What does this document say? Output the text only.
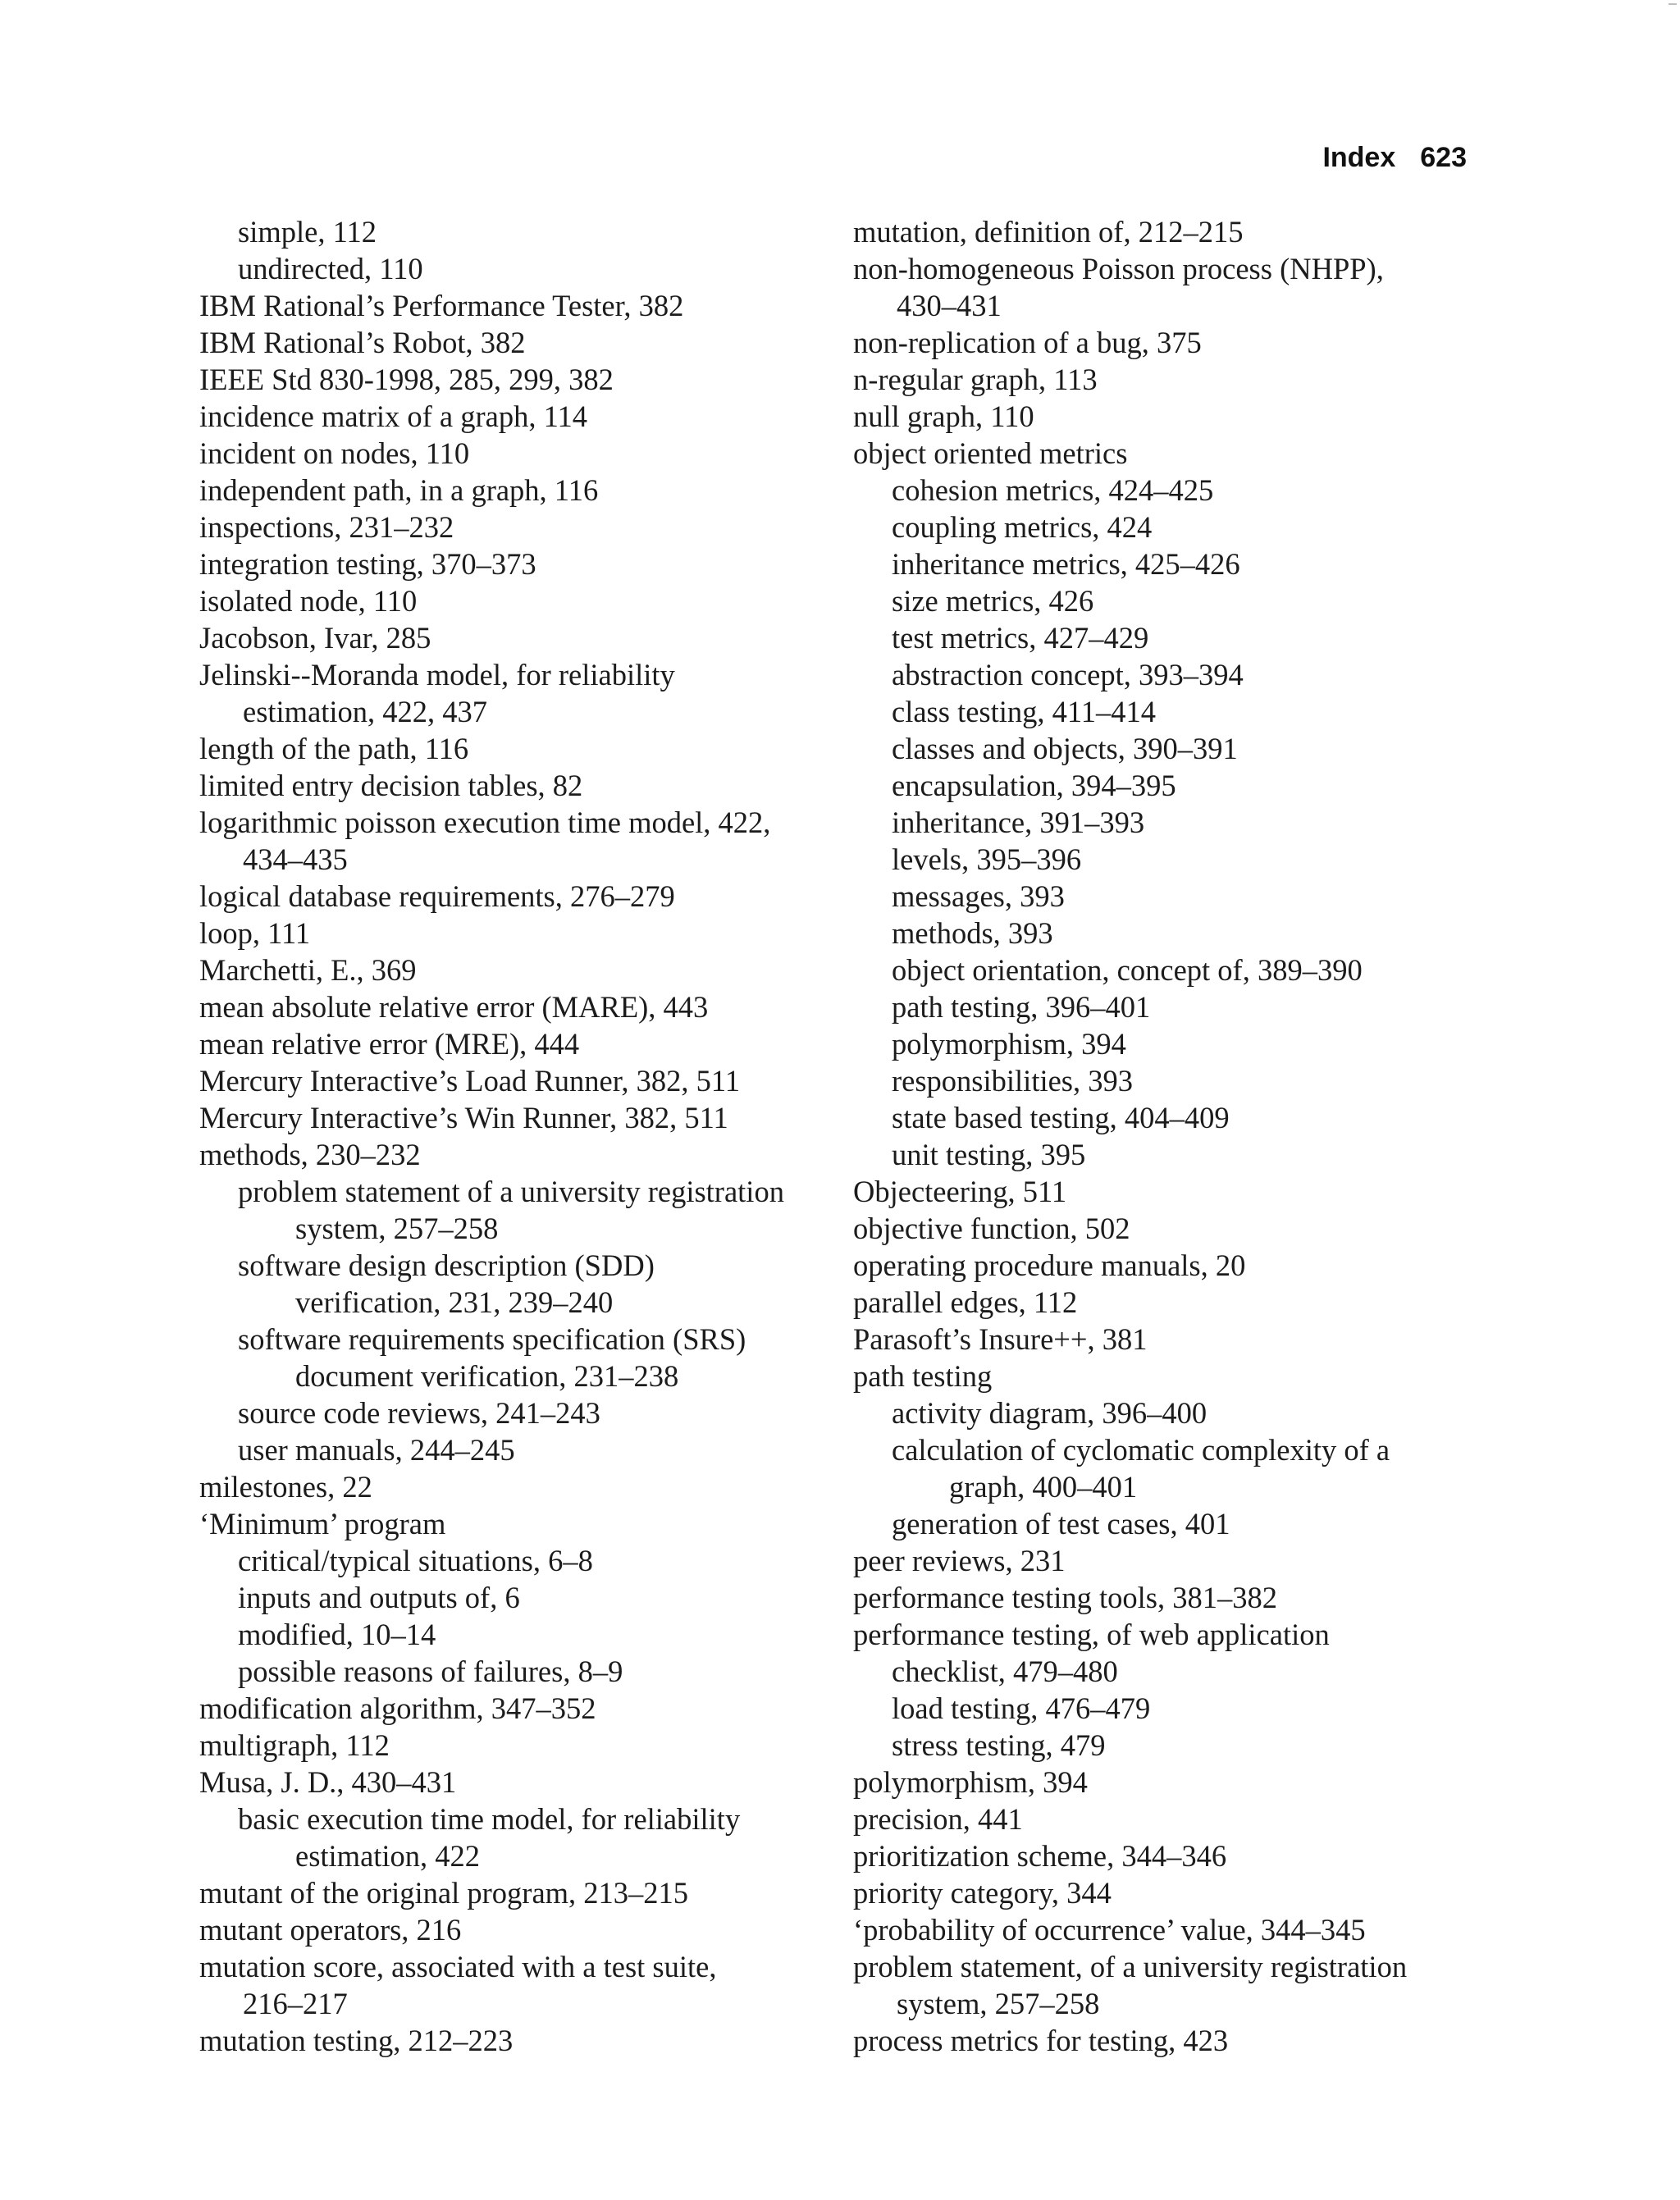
Index 623

simple, 112

undirected, 110

IBM Rational’s Performance Tester, 382

IBM Rational’s Robot, 382

IEEE Std 830-1998, 285, 299, 382

incidence matrix of a graph, 114

incident on nodes, 110

independent path, in a graph, 116

inspections, 231–232

integration testing, 370–373

isolated node, 110

Jacobson, Ivar, 285

Jelinski--Moranda model, for reliability

estimation, 422, 437

length of the path, 116

limited entry decision tables, 82

logarithmic poisson execution time model, 422,

434–435

logical database requirements, 276–279

loop, 111

Marchetti, E., 369

mean absolute relative error (MARE), 443

mean relative error (MRE), 444

Mercury Interactive’s Load Runner, 382, 511

Mercury Interactive’s Win Runner, 382, 511

methods, 230–232

problem statement of a university registration

system, 257–258

software design description (SDD)

verification, 231, 239–240

software requirements specification (SRS)

document verification, 231–238

source code reviews, 241–243

user manuals, 244–245

milestones, 22

‘Minimum’ program

critical/typical situations, 6–8

inputs and outputs of, 6

modified, 10–14

possible reasons of failures, 8–9

modification algorithm, 347–352

multigraph, 112

Musa, J. D., 430–431

basic execution time model, for reliability

estimation, 422

mutant of the original program, 213–215

mutant operators, 216

mutation score, associated with a test suite,

216–217

mutation testing, 212–223

mutation, definition of, 212–215

non-homogeneous Poisson process (NHPP),

430–431

non-replication of a bug, 375

n-regular graph, 113

null graph, 110

object oriented metrics

cohesion metrics, 424–425

coupling metrics, 424

inheritance metrics, 425–426

size metrics, 426

test metrics, 427–429

abstraction concept, 393–394

class testing, 411–414

classes and objects, 390–391

encapsulation, 394–395

inheritance, 391–393

levels, 395–396

messages, 393

methods, 393

object orientation, concept of, 389–390

path testing, 396–401

polymorphism, 394

responsibilities, 393

state based testing, 404–409

unit testing, 395

Objecteering, 511

objective function, 502

operating procedure manuals, 20

parallel edges, 112

Parasoft’s Insure++, 381

path testing

activity diagram, 396–400

calculation of cyclomatic complexity of a

graph, 400–401

generation of test cases, 401

peer reviews, 231

performance testing tools, 381–382

performance testing, of web application

checklist, 479–480

load testing, 476–479

stress testing, 479

polymorphism, 394

precision, 441

prioritization scheme, 344–346

priority category, 344

‘probability of occurrence’ value, 344–345

problem statement, of a university registration

system, 257–258

process metrics for testing, 423
